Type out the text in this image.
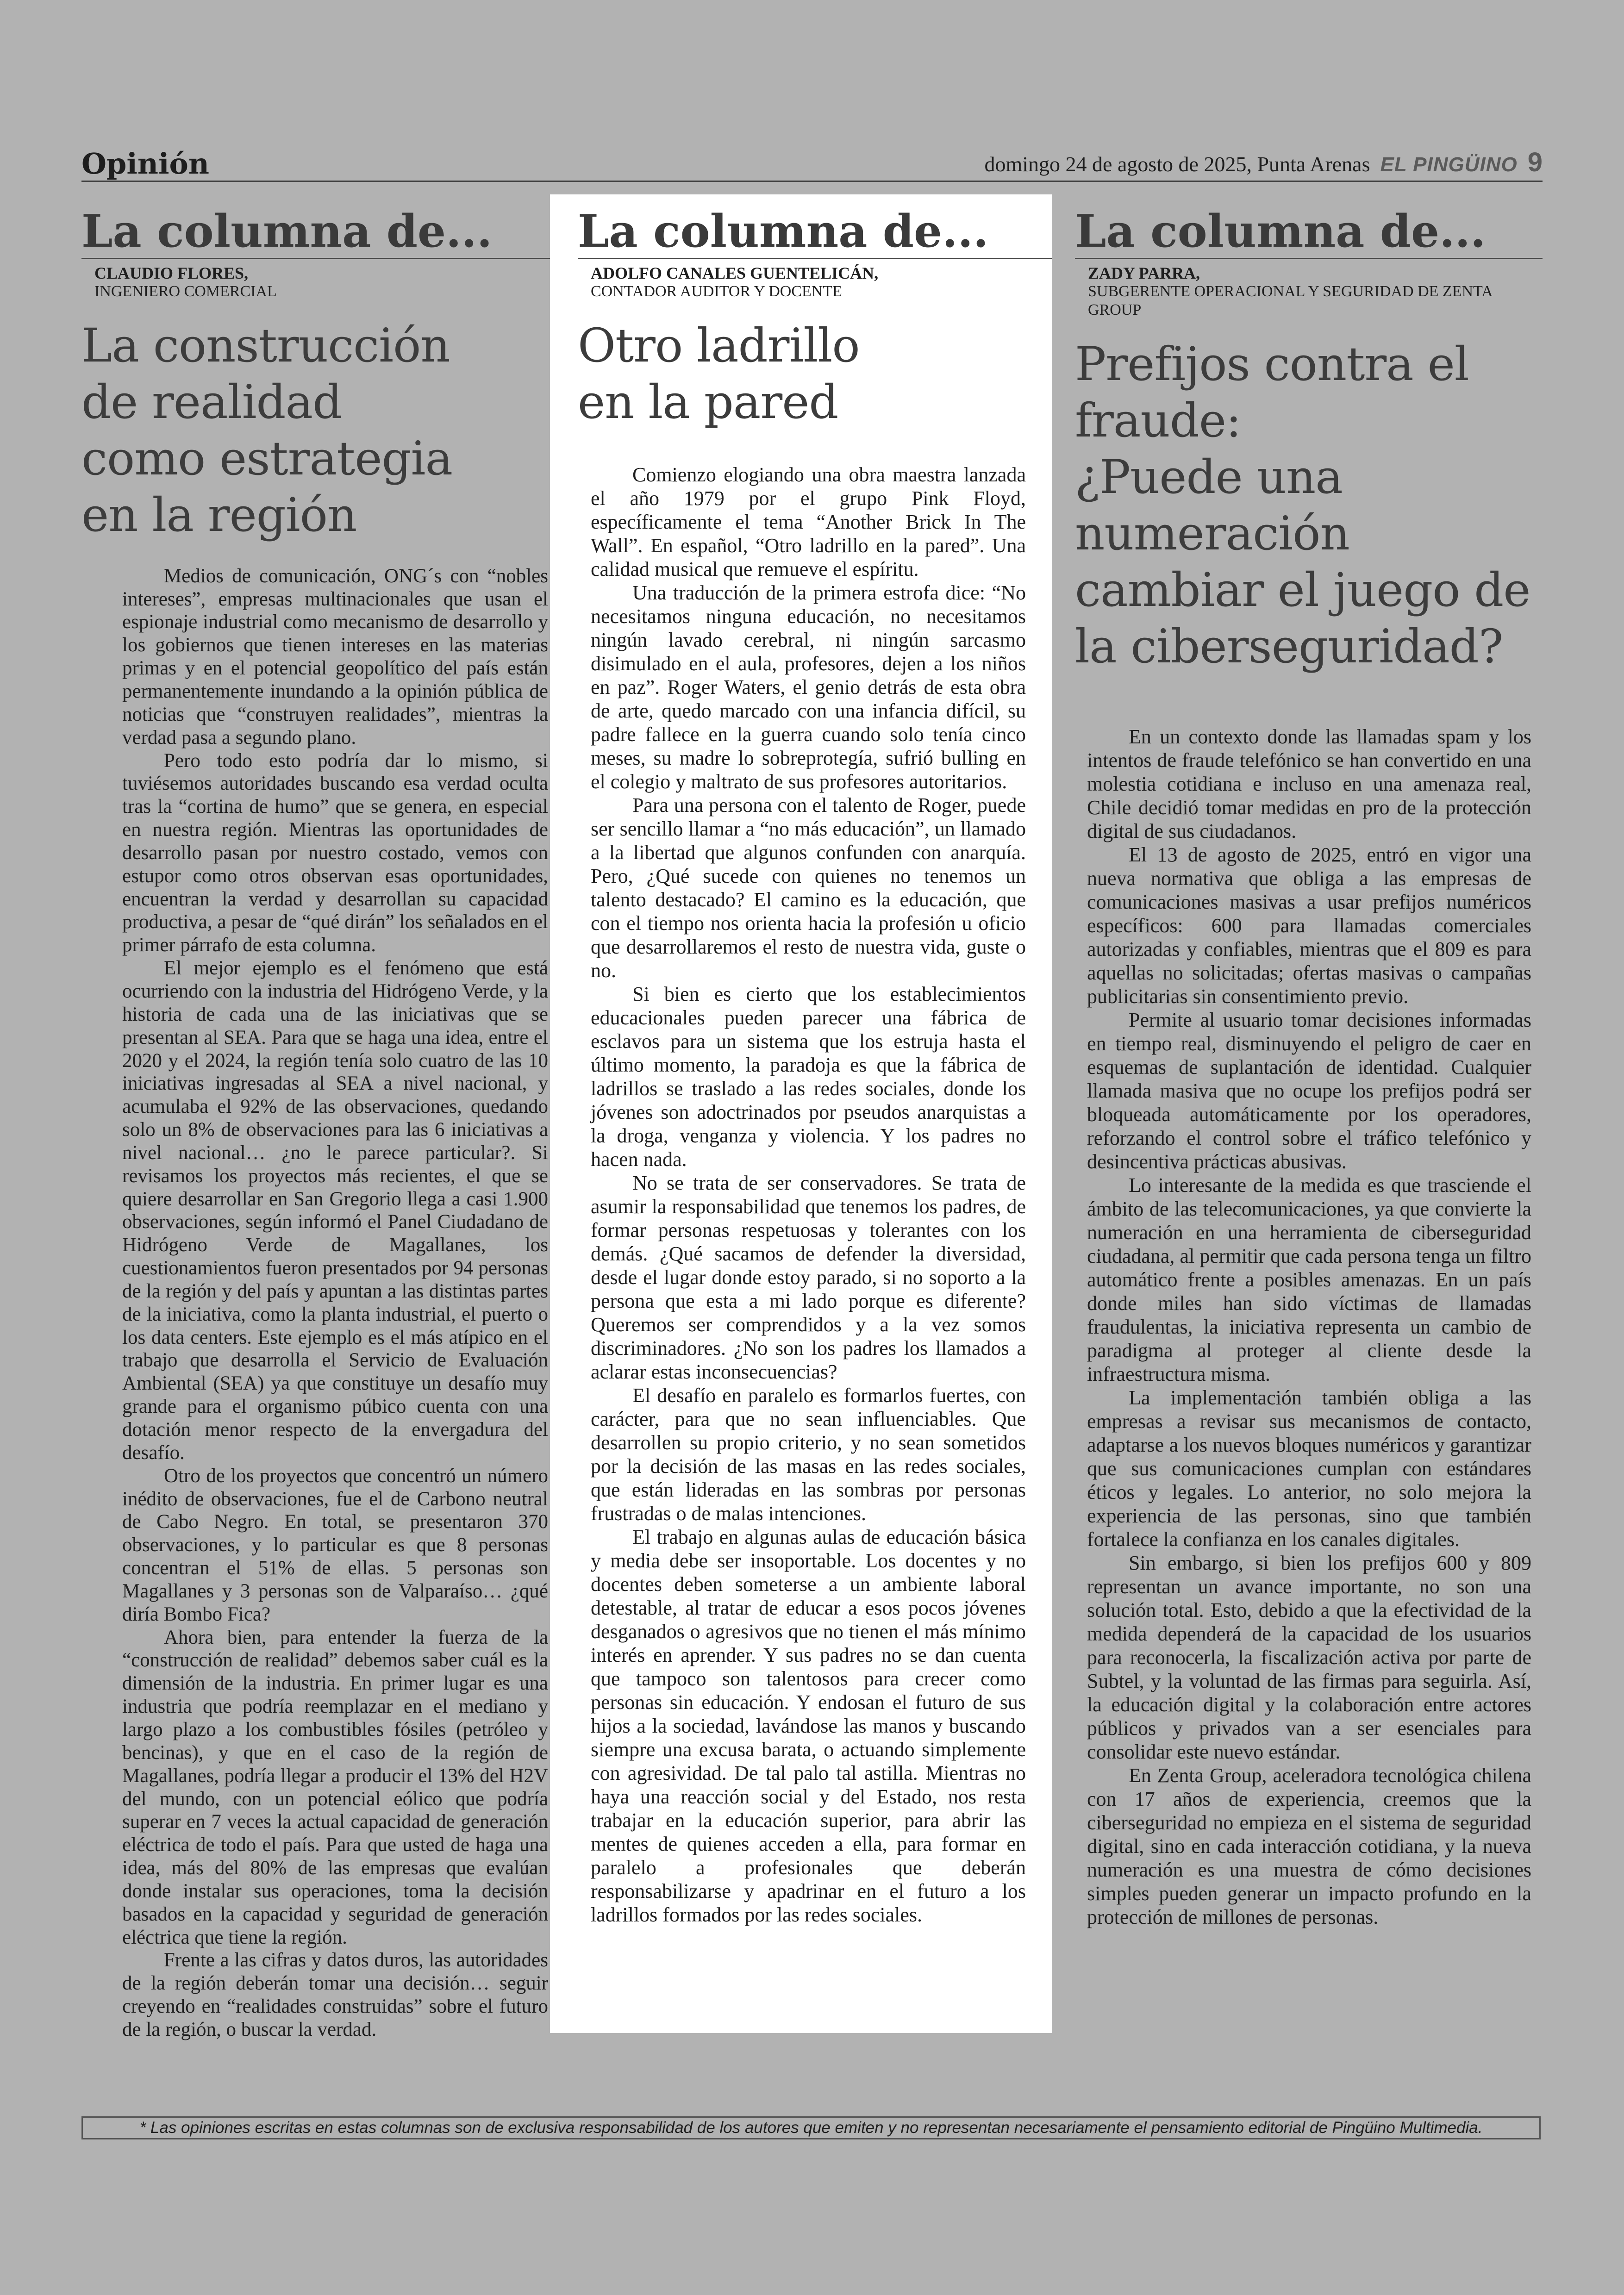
Opinión	domingo 24 de agosto de 2025, Punta Arenas EL PINGÜINO 9
La columna de...
CLAUDIO FLORES,
INGENIERO COMERCIAL
La construcción
de realidad
como estrategia
en la región

Medios de comunicación, ONG´s con “nobles intereses”, empresas multinacionales que usan el espionaje industrial como mecanismo de desarrollo y los gobiernos que tienen intereses en las materias primas y en el potencial geopolítico del país están permanentemente inundando a la opinión pública de noticias que “construyen realidades”, mientras la verdad pasa a segundo plano.

Pero todo esto podría dar lo mismo, si tuviésemos autoridades buscando esa verdad oculta tras la “cortina de humo” que se genera, en especial en nuestra región. Mientras las oportunidades de desarrollo pasan por nuestro costado, vemos con estupor como otros observan esas oportunidades, encuentran la verdad y desarrollan su capacidad productiva, a pesar de “qué dirán” los señalados en el primer párrafo de esta columna.

El mejor ejemplo es el fenómeno que está ocurriendo con la industria del Hidrógeno Verde, y la historia de cada una de las iniciativas que se presentan al SEA. Para que se haga una idea, entre el 2020 y el 2024, la región tenía solo cuatro de las 10 iniciativas ingresadas al SEA a nivel nacional, y acumulaba el 92% de las observaciones, quedando solo un 8% de observaciones para las 6 iniciativas a nivel nacional… ¿no le parece particular?. Si revisamos los proyectos más recientes, el que se quiere desarrollar en San Gregorio llega a casi 1.900 observaciones, según informó el Panel Ciudadano de Hidrógeno Verde de Magallanes, los cuestionamientos fueron presentados por 94 personas de la región y del país y apuntan a las distintas partes de la iniciativa, como la planta industrial, el puerto o los data centers. Este ejemplo es el más atípico en el trabajo que desarrolla el Servicio de Evaluación Ambiental (SEA) ya que constituye un desafío muy grande para el organismo púbico cuenta con una dotación menor respecto de la envergadura del desafío.

Otro de los proyectos que concentró un número inédito de observaciones, fue el de Carbono neutral de Cabo Negro. En total, se presentaron 370 observaciones, y lo particular es que 8 personas concentran el 51% de ellas. 5 personas son Magallanes y 3 personas son de Valparaíso… ¿qué diría Bombo Fica?

Ahora bien, para entender la fuerza de la “construcción de realidad” debemos saber cuál es la dimensión de la industria. En primer lugar es una industria que podría reemplazar en el mediano y largo plazo a los combustibles fósiles (petróleo y bencinas), y que en el caso de la región de Magallanes, podría llegar a producir el 13% del H2V del mundo, con un potencial eólico que podría superar en 7 veces la actual capacidad de generación eléctrica de todo el país. Para que usted de haga una idea, más del 80% de las empresas que evalúan donde instalar sus operaciones, toma la decisión basados en la capacidad y seguridad de generación eléctrica que tiene la región.

Frente a las cifras y datos duros, las autoridades de la región deberán tomar una decisión… seguir creyendo en “realidades construidas” sobre el futuro de la región, o buscar la verdad.

La columna de...
ADOLFO CANALES GUENTELICÁN,
CONTADOR AUDITOR Y DOCENTE
Otro ladrillo
en la pared

Comienzo elogiando una obra maestra lanzada el año 1979 por el grupo Pink Floyd, específicamente el tema “Another Brick In The Wall”. En español, “Otro ladrillo en la pared”. Una calidad musical que remueve el espíritu.

Una traducción de la primera estrofa dice: “No necesitamos ninguna educación, no necesitamos ningún lavado cerebral, ni ningún sarcasmo disimulado en el aula, profesores, dejen a los niños en paz”. Roger Waters, el genio detrás de esta obra de arte, quedo marcado con una infancia difícil, su padre fallece en la guerra cuando solo tenía cinco meses, su madre lo sobreprotegía, sufrió bulling en el colegio y maltrato de sus profesores autoritarios.

Para una persona con el talento de Roger, puede ser sencillo llamar a “no más educación”, un llamado a la libertad que algunos confunden con anarquía. Pero, ¿Qué sucede con quienes no tenemos un talento destacado? El camino es la educación, que con el tiempo nos orienta hacia la profesión u oficio que desarrollaremos el resto de nuestra vida, guste o no.

Si bien es cierto que los establecimientos educacionales pueden parecer una fábrica de esclavos para un sistema que los estruja hasta el último momento, la paradoja es que la fábrica de ladrillos se traslado a las redes sociales, donde los jóvenes son adoctrinados por pseudos anarquistas a la droga, venganza y violencia. Y los padres no hacen nada.

No se trata de ser conservadores. Se trata de asumir la responsabilidad que tenemos los padres, de formar personas respetuosas y tolerantes con los demás. ¿Qué sacamos de defender la diversidad, desde el lugar donde estoy parado, si no soporto a la persona que esta a mi lado porque es diferente? Queremos ser comprendidos y a la vez somos discriminadores. ¿No son los padres los llamados a aclarar estas inconsecuencias?

El desafío en paralelo es formarlos fuertes, con carácter, para que no sean influenciables. Que desarrollen su propio criterio, y no sean sometidos por la decisión de las masas en las redes sociales, que están lideradas en las sombras por personas frustradas o de malas intenciones.

El trabajo en algunas aulas de educación básica y media debe ser insoportable. Los docentes y no docentes deben someterse a un ambiente laboral detestable, al tratar de educar a esos pocos jóvenes desganados o agresivos que no tienen el más mínimo interés en aprender. Y sus padres no se dan cuenta que tampoco son talentosos para crecer como personas sin educación. Y endosan el futuro de sus hijos a la sociedad, lavándose las manos y buscando siempre una excusa barata, o actuando simplemente con agresividad. De tal palo tal astilla. Mientras no haya una reacción social y del Estado, nos resta trabajar en la educación superior, para abrir las mentes de quienes acceden a ella, para formar en paralelo a profesionales que deberán responsabilizarse y apadrinar en el futuro a los ladrillos formados por las redes sociales.

La columna de...
ZADY PARRA,
SUBGERENTE OPERACIONAL Y SEGURIDAD DE ZENTA GROUP
Prefijos contra el fraude:
¿Puede una numeración
cambiar el juego de
la ciberseguridad?

En un contexto donde las llamadas spam y los intentos de fraude telefónico se han convertido en una molestia cotidiana e incluso en una amenaza real, Chile decidió tomar medidas en pro de la protección digital de sus ciudadanos.

El 13 de agosto de 2025, entró en vigor una nueva normativa que obliga a las empresas de comunicaciones masivas a usar prefijos numéricos específicos: 600 para llamadas comerciales autorizadas y confiables, mientras que el 809 es para aquellas no solicitadas; ofertas masivas o campañas publicitarias sin consentimiento previo.

Permite al usuario tomar decisiones informadas en tiempo real, disminuyendo el peligro de caer en esquemas de suplantación de identidad. Cualquier llamada masiva que no ocupe los prefijos podrá ser bloqueada automáticamente por los operadores, reforzando el control sobre el tráfico telefónico y desincentiva prácticas abusivas.

Lo interesante de la medida es que trasciende el ámbito de las telecomunicaciones, ya que convierte la numeración en una herramienta de ciberseguridad ciudadana, al permitir que cada persona tenga un filtro automático frente a posibles amenazas. En un país donde miles han sido víctimas de llamadas fraudulentas, la iniciativa representa un cambio de paradigma al proteger al cliente desde la infraestructura misma.

La implementación también obliga a las empresas a revisar sus mecanismos de contacto, adaptarse a los nuevos bloques numéricos y garantizar que sus comunicaciones cumplan con estándares éticos y legales. Lo anterior, no solo mejora la experiencia de las personas, sino que también fortalece la confianza en los canales digitales.

Sin embargo, si bien los prefijos 600 y 809 representan un avance importante, no son una solución total. Esto, debido a que la efectividad de la medida dependerá de la capacidad de los usuarios para reconocerla, la fiscalización activa por parte de Subtel, y la voluntad de las firmas para seguirla. Así, la educación digital y la colaboración entre actores públicos y privados van a ser esenciales para consolidar este nuevo estándar.

En Zenta Group, aceleradora tecnológica chilena con 17 años de experiencia, creemos que la ciberseguridad no empieza en el sistema de seguridad digital, sino en cada interacción cotidiana, y la nueva numeración es una muestra de cómo decisiones simples pueden generar un impacto profundo en la protección de millones de personas.

* Las opiniones escritas en estas columnas son de exclusiva responsabilidad de los autores que emiten y no representan necesariamente el pensamiento editorial de Pingüino Multimedia.
